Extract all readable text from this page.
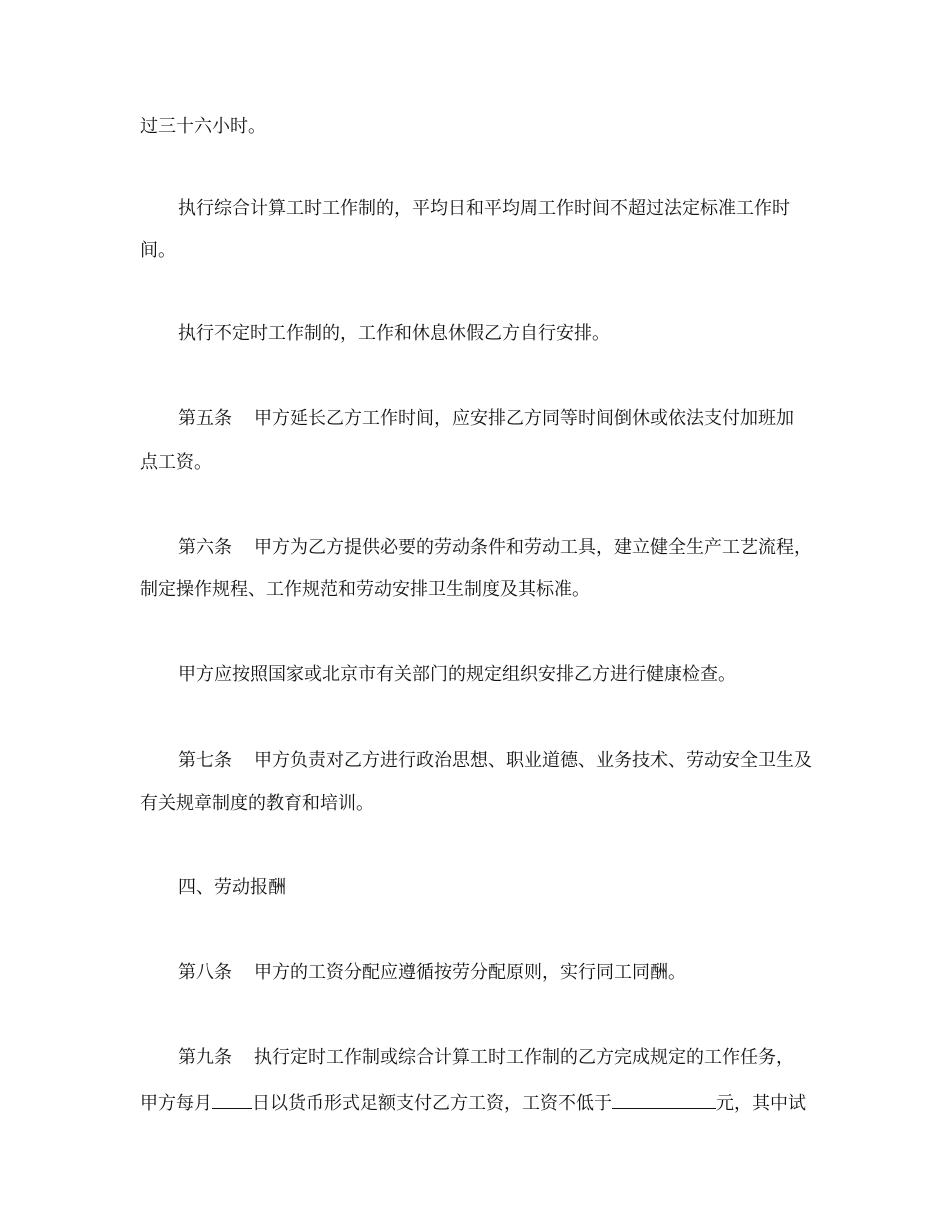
过三十六小时。

执行综合计算工时工作制的，平均日和平均周工作时间不超过法定标准工作时

间。

执行不定时工作制的，工作和休息休假乙方自行安排。

第五条 甲方延长乙方工作时间，应安排乙方同等时间倒休或依法支付加班加

点工资。

第六条 甲方为乙方提供必要的劳动条件和劳动工具，建立健全生产工艺流程，

制定操作规程、工作规范和劳动安排卫生制度及其标准。

甲方应按照国家或北京市有关部门的规定组织安排乙方进行健康检查。

第七条 甲方负责对乙方进行政治思想、职业道德、业务技术、劳动安全卫生及

有关规章制度的教育和培训。

四、劳动报酬

第八条 甲方的工资分配应遵循按劳分配原则，实行同工同酬。

第九条 执行定时工作制或综合计算工时工作制的乙方完成规定的工作任务，

甲方每月 日以货币形式足额支付乙方工资，工资不低于	元，其中试
